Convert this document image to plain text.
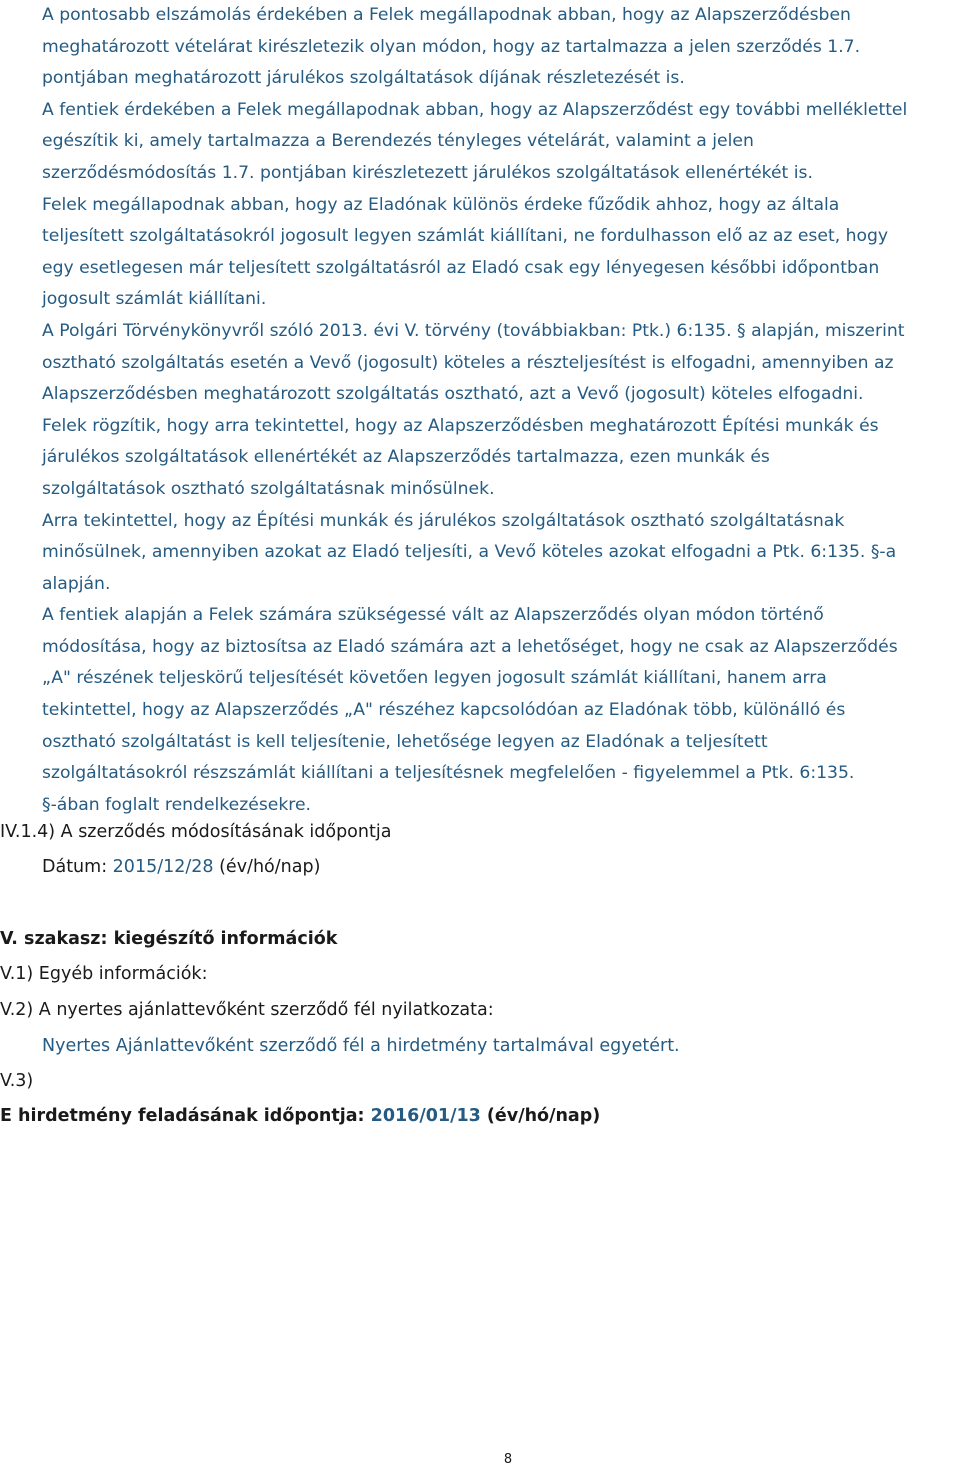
A pontosabb elszámolás érdekében a Felek megállapodnak abban, hogy az Alapszerződésben
meghatározott vételárat kirészletezik olyan módon, hogy az tartalmazza a jelen szerződés 1.7.
pontjában meghatározott járulékos szolgáltatások díjának részletezését is.

A fentiek érdekében a Felek megállapodnak abban, hogy az Alapszerződést egy további melléklettel
egészítik ki, amely tartalmazza a Berendezés tényleges vételárát, valamint a jelen
szerződésmódosítás 1.7. pontjában kirészletezett járulékos szolgáltatások ellenértékét is.

Felek megállapodnak abban, hogy az Eladónak különös érdeke fűződik ahhoz, hogy az általa
teljesített szolgáltatásokról jogosult legyen számlát kiállítani, ne fordulhasson elő az az eset, hogy
egy esetlegesen már teljesített szolgáltatásról az Eladó csak egy lényegesen későbbi időpontban
jogosult számlát kiállítani.

A Polgári Törvénykönyvről szóló 2013. évi V. törvény (továbbiakban: Ptk.) 6:135. § alapján, miszerint
osztható szolgáltatás esetén a Vevő (jogosult) köteles a részteljesítést is elfogadni, amennyiben az
Alapszerződésben meghatározott szolgáltatás osztható, azt a Vevő (jogosult) köteles elfogadni.

Felek rögzítik, hogy arra tekintettel, hogy az Alapszerződésben meghatározott Építési munkák és
járulékos szolgáltatások ellenértékét az Alapszerződés tartalmazza, ezen munkák és
szolgáltatások osztható szolgáltatásnak minősülnek.

Arra tekintettel, hogy az Építési munkák és járulékos szolgáltatások osztható szolgáltatásnak
minősülnek, amennyiben azokat az Eladó teljesíti, a Vevő köteles azokat elfogadni a Ptk. 6:135. §-a
alapján.

A fentiek alapján a Felek számára szükségessé vált az Alapszerződés olyan módon történő
módosítása, hogy az biztosítsa az Eladó számára azt a lehetőséget, hogy ne csak az Alapszerződés
„A" részének teljeskörű teljesítését követően legyen jogosult számlát kiállítani, hanem arra
tekintettel, hogy az Alapszerződés „A" részéhez kapcsolódóan az Eladónak több, különálló és
osztható szolgáltatást is kell teljesítenie, lehetősége legyen az Eladónak a teljesített
szolgáltatásokról részszámlát kiállítani a teljesítésnek megfelelően - figyelemmel a Ptk. 6:135.
§-ában foglalt rendelkezésekre.

IV.1.4) A szerződés módosításának időpontja
Dátum: 2015/12/28 (év/hó/nap)
V. szakasz: kiegészítő információk
V.1) Egyéb információk:
V.2) A nyertes ajánlattevőként szerződő fél nyilatkozata:
Nyertes Ajánlattevőként szerződő fél a hirdetmény tartalmával egyetért.
V.3)
E hirdetmény feladásának időpontja: 2016/01/13 (év/hó/nap)
8
